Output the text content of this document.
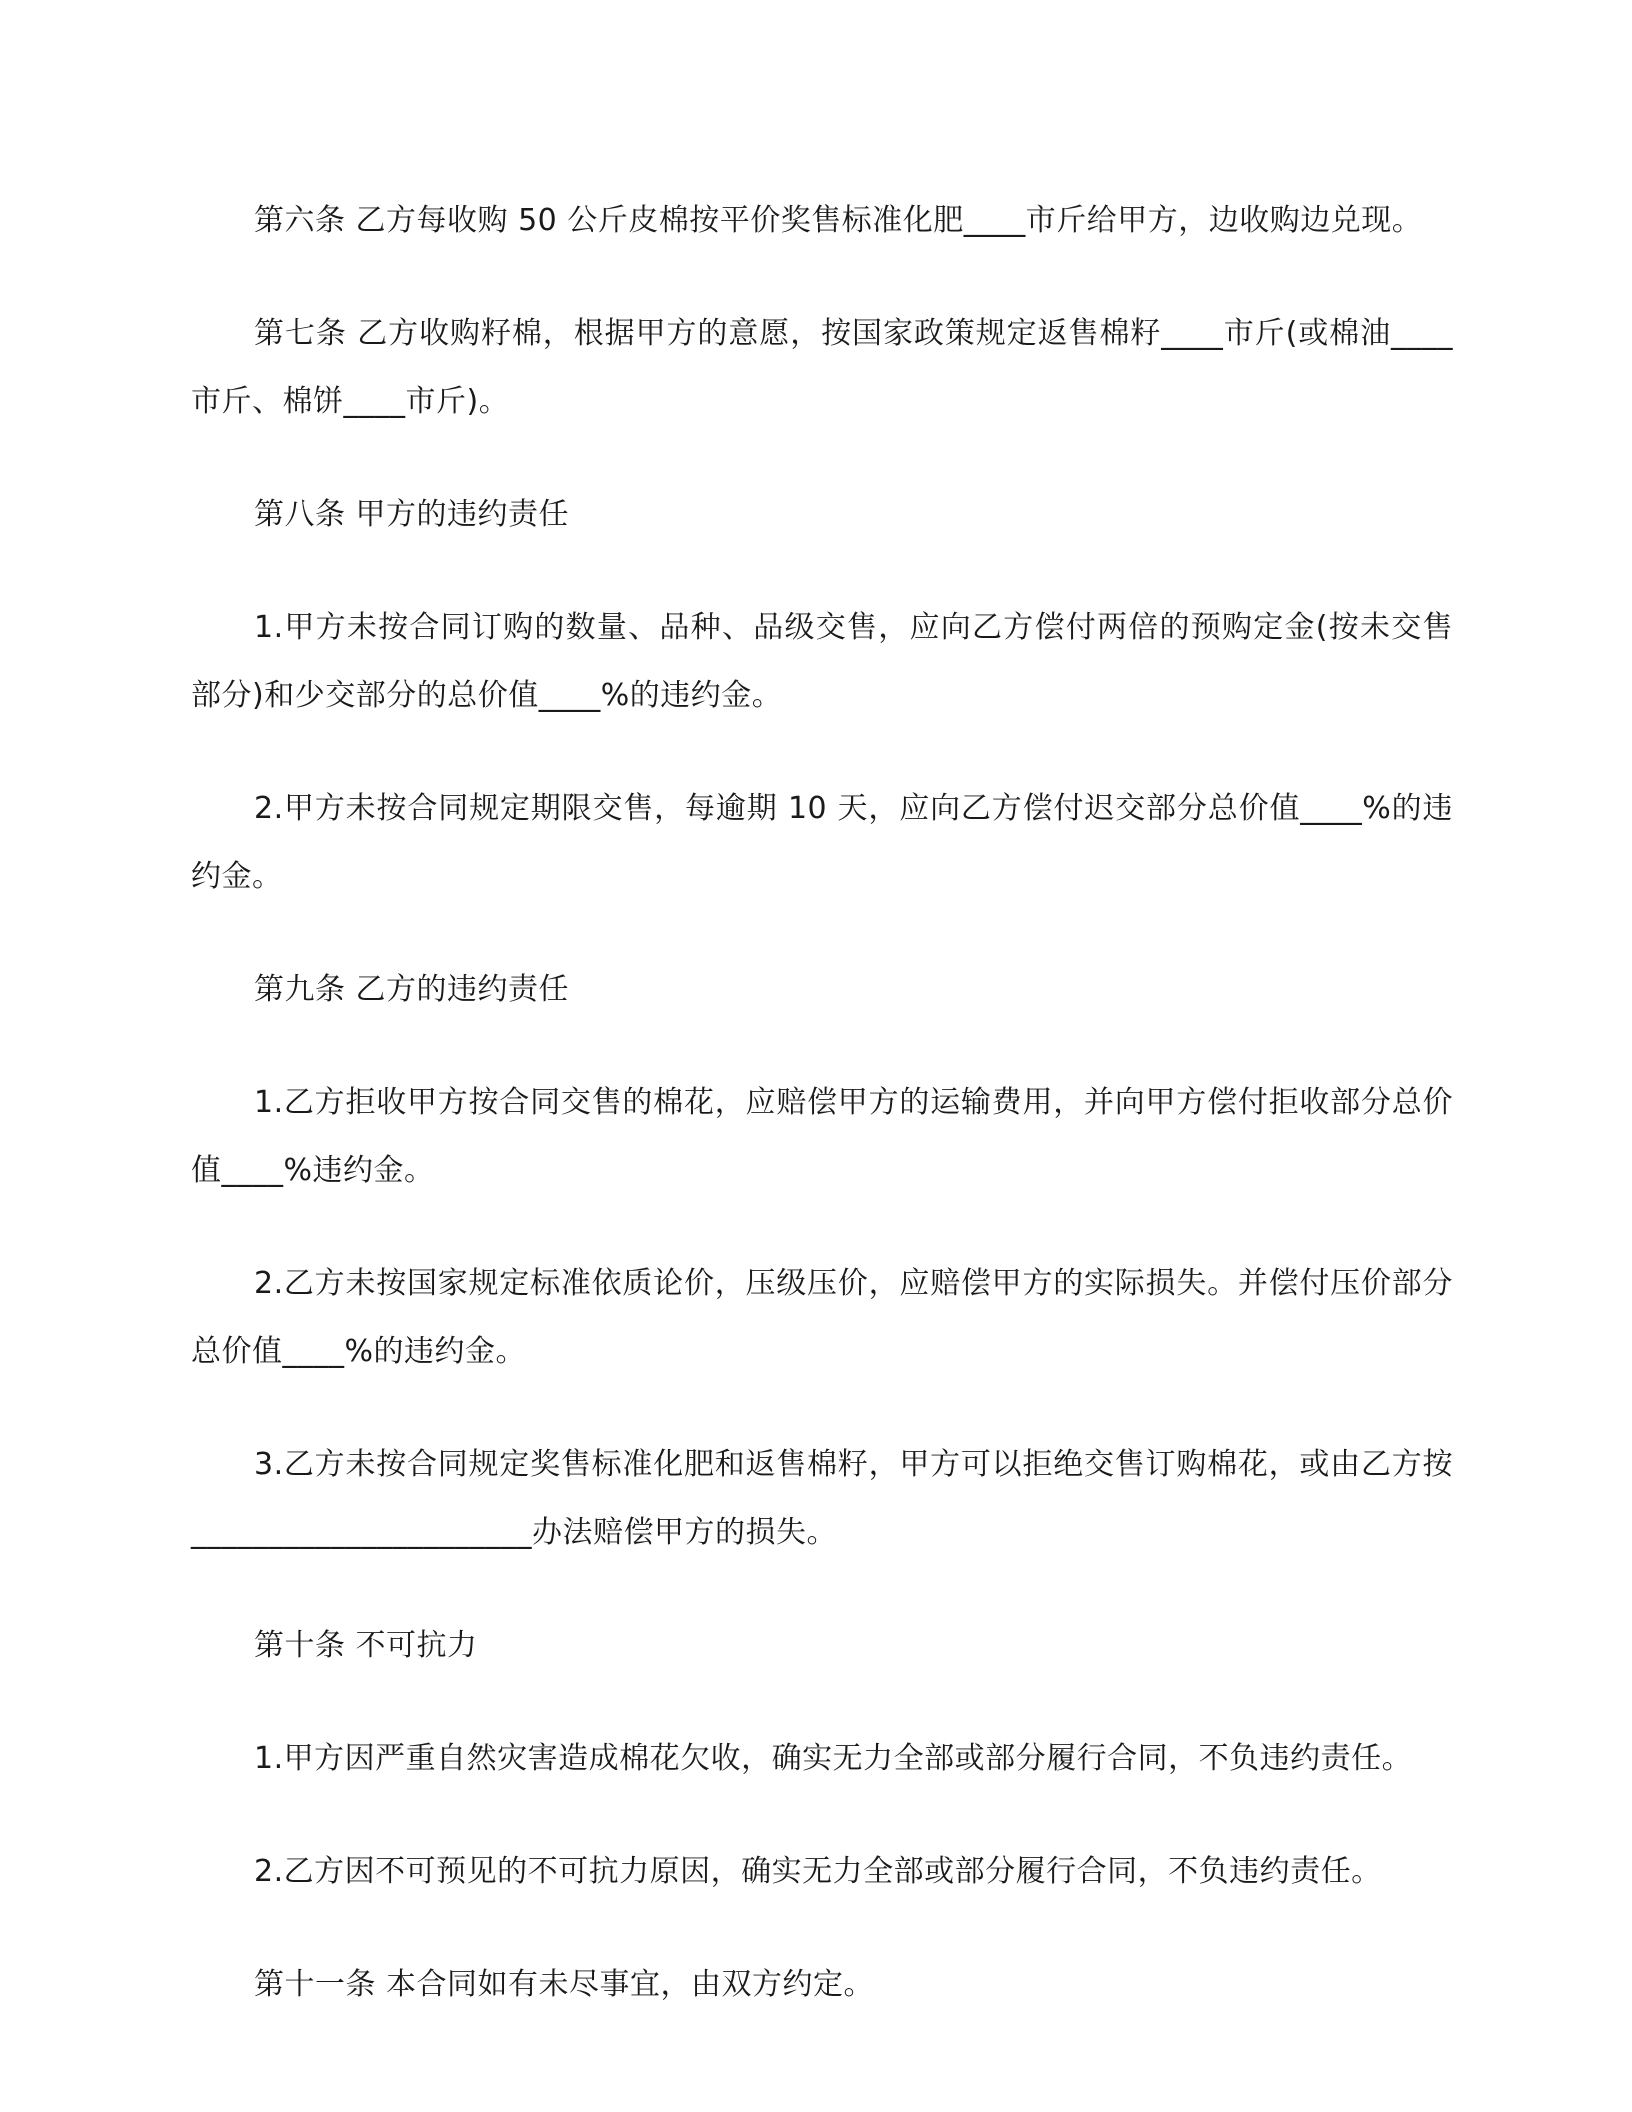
第六条 乙方每收购 50 公斤皮棉按平价奖售标准化肥____市斤给甲方，边收购边兑现。

第七条 乙方收购籽棉，根据甲方的意愿，按国家政策规定返售棉籽____市斤(或棉油____市斤、棉饼____市斤)。

第八条 甲方的违约责任

1.甲方未按合同订购的数量、品种、品级交售，应向乙方偿付两倍的预购定金(按未交售部分)和少交部分的总价值____%的违约金。

2.甲方未按合同规定期限交售，每逾期 10 天，应向乙方偿付迟交部分总价值____%的违约金。

第九条 乙方的违约责任

1.乙方拒收甲方按合同交售的棉花，应赔偿甲方的运输费用，并向甲方偿付拒收部分总价值____%违约金。

2.乙方未按国家规定标准依质论价，压级压价，应赔偿甲方的实际损失。并偿付压价部分总价值____%的违约金。

3.乙方未按合同规定奖售标准化肥和返售棉籽，甲方可以拒绝交售订购棉花，或由乙方按______________________办法赔偿甲方的损失。

第十条 不可抗力

1.甲方因严重自然灾害造成棉花欠收，确实无力全部或部分履行合同，不负违约责任。

2.乙方因不可预见的不可抗力原因，确实无力全部或部分履行合同，不负违约责任。

第十一条 本合同如有未尽事宜，由双方约定。
